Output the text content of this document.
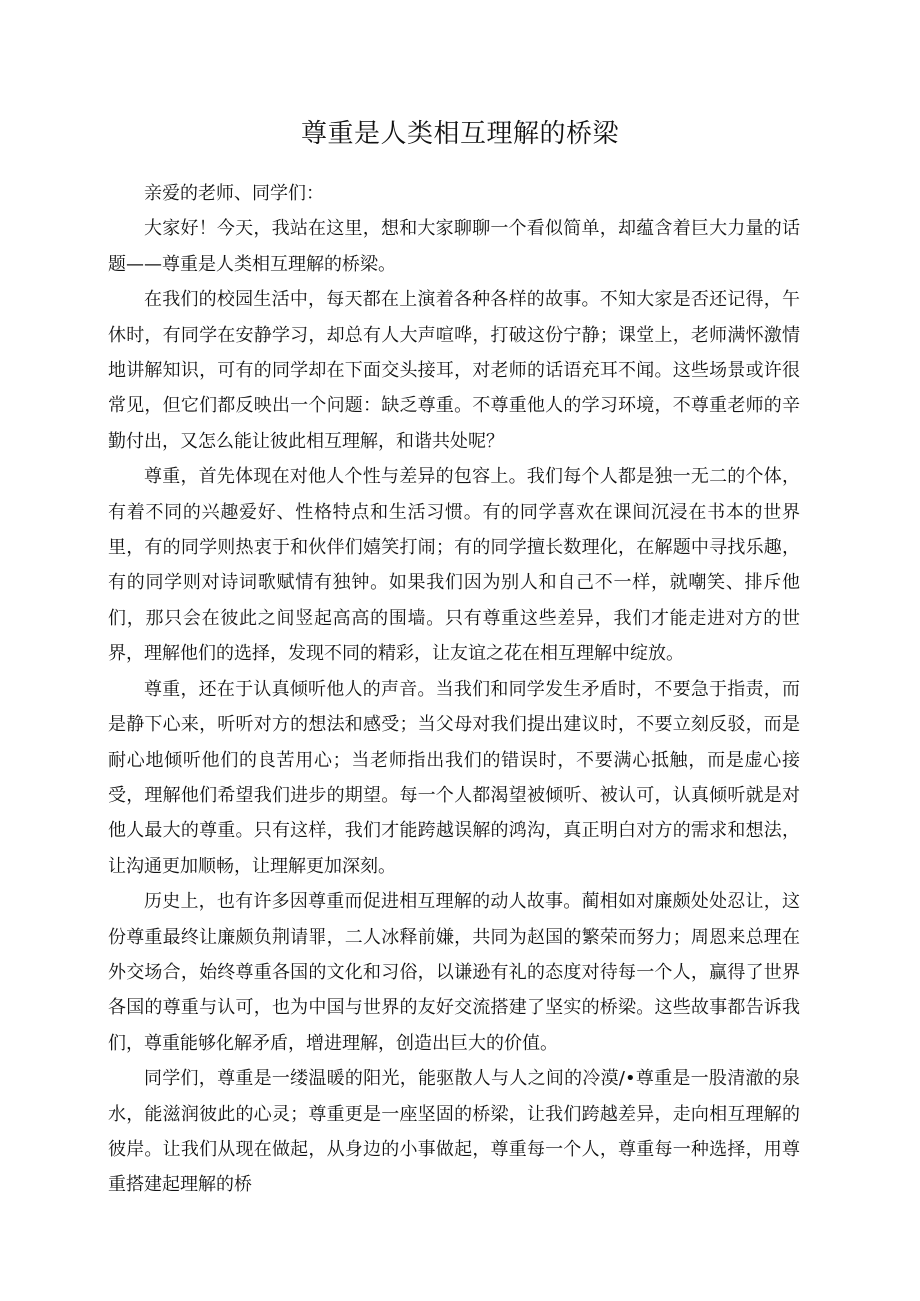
尊重是人类相互理解的桥梁

亲爱的老师、同学们：

大家好！今天，我站在这里，想和大家聊聊一个看似简单，却蕴含着巨大力量的话题——尊重是人类相互理解的桥梁。

在我们的校园生活中，每天都在上演着各种各样的故事。不知大家是否还记得，午休时，有同学在安静学习，却总有人大声喧哗，打破这份宁静；课堂上，老师满怀激情地讲解知识，可有的同学却在下面交头接耳，对老师的话语充耳不闻。这些场景或许很常见，但它们都反映出一个问题：缺乏尊重。不尊重他人的学习环境，不尊重老师的辛勤付出，又怎么能让彼此相互理解，和谐共处呢？

尊重，首先体现在对他人个性与差异的包容上。我们每个人都是独一无二的个体，有着不同的兴趣爱好、性格特点和生活习惯。有的同学喜欢在课间沉浸在书本的世界里，有的同学则热衷于和伙伴们嬉笑打闹；有的同学擅长数理化，在解题中寻找乐趣，有的同学则对诗词歌赋情有独钟。如果我们因为别人和自己不一样，就嘲笑、排斥他们，那只会在彼此之间竖起高高的围墙。只有尊重这些差异，我们才能走进对方的世界，理解他们的选择，发现不同的精彩，让友谊之花在相互理解中绽放。

尊重，还在于认真倾听他人的声音。当我们和同学发生矛盾时，不要急于指责，而是静下心来，听听对方的想法和感受；当父母对我们提出建议时，不要立刻反驳，而是耐心地倾听他们的良苦用心；当老师指出我们的错误时，不要满心抵触，而是虚心接受，理解他们希望我们进步的期望。每一个人都渴望被倾听、被认可，认真倾听就是对他人最大的尊重。只有这样，我们才能跨越误解的鸿沟，真正明白对方的需求和想法，让沟通更加顺畅，让理解更加深刻。

历史上，也有许多因尊重而促进相互理解的动人故事。蔺相如对廉颇处处忍让，这份尊重最终让廉颇负荆请罪，二人冰释前嫌，共同为赵国的繁荣而努力；周恩来总理在外交场合，始终尊重各国的文化和习俗，以谦逊有礼的态度对待每一个人，赢得了世界各国的尊重与认可，也为中国与世界的友好交流搭建了坚实的桥梁。这些故事都告诉我们，尊重能够化解矛盾，增进理解，创造出巨大的价值。

同学们，尊重是一缕温暖的阳光，能驱散人与人之间的冷漠/•尊重是一股清澈的泉水，能滋润彼此的心灵；尊重更是一座坚固的桥梁，让我们跨越差异，走向相互理解的彼岸。让我们从现在做起，从身边的小事做起，尊重每一个人，尊重每一种选择，用尊重搭建起理解的桥
